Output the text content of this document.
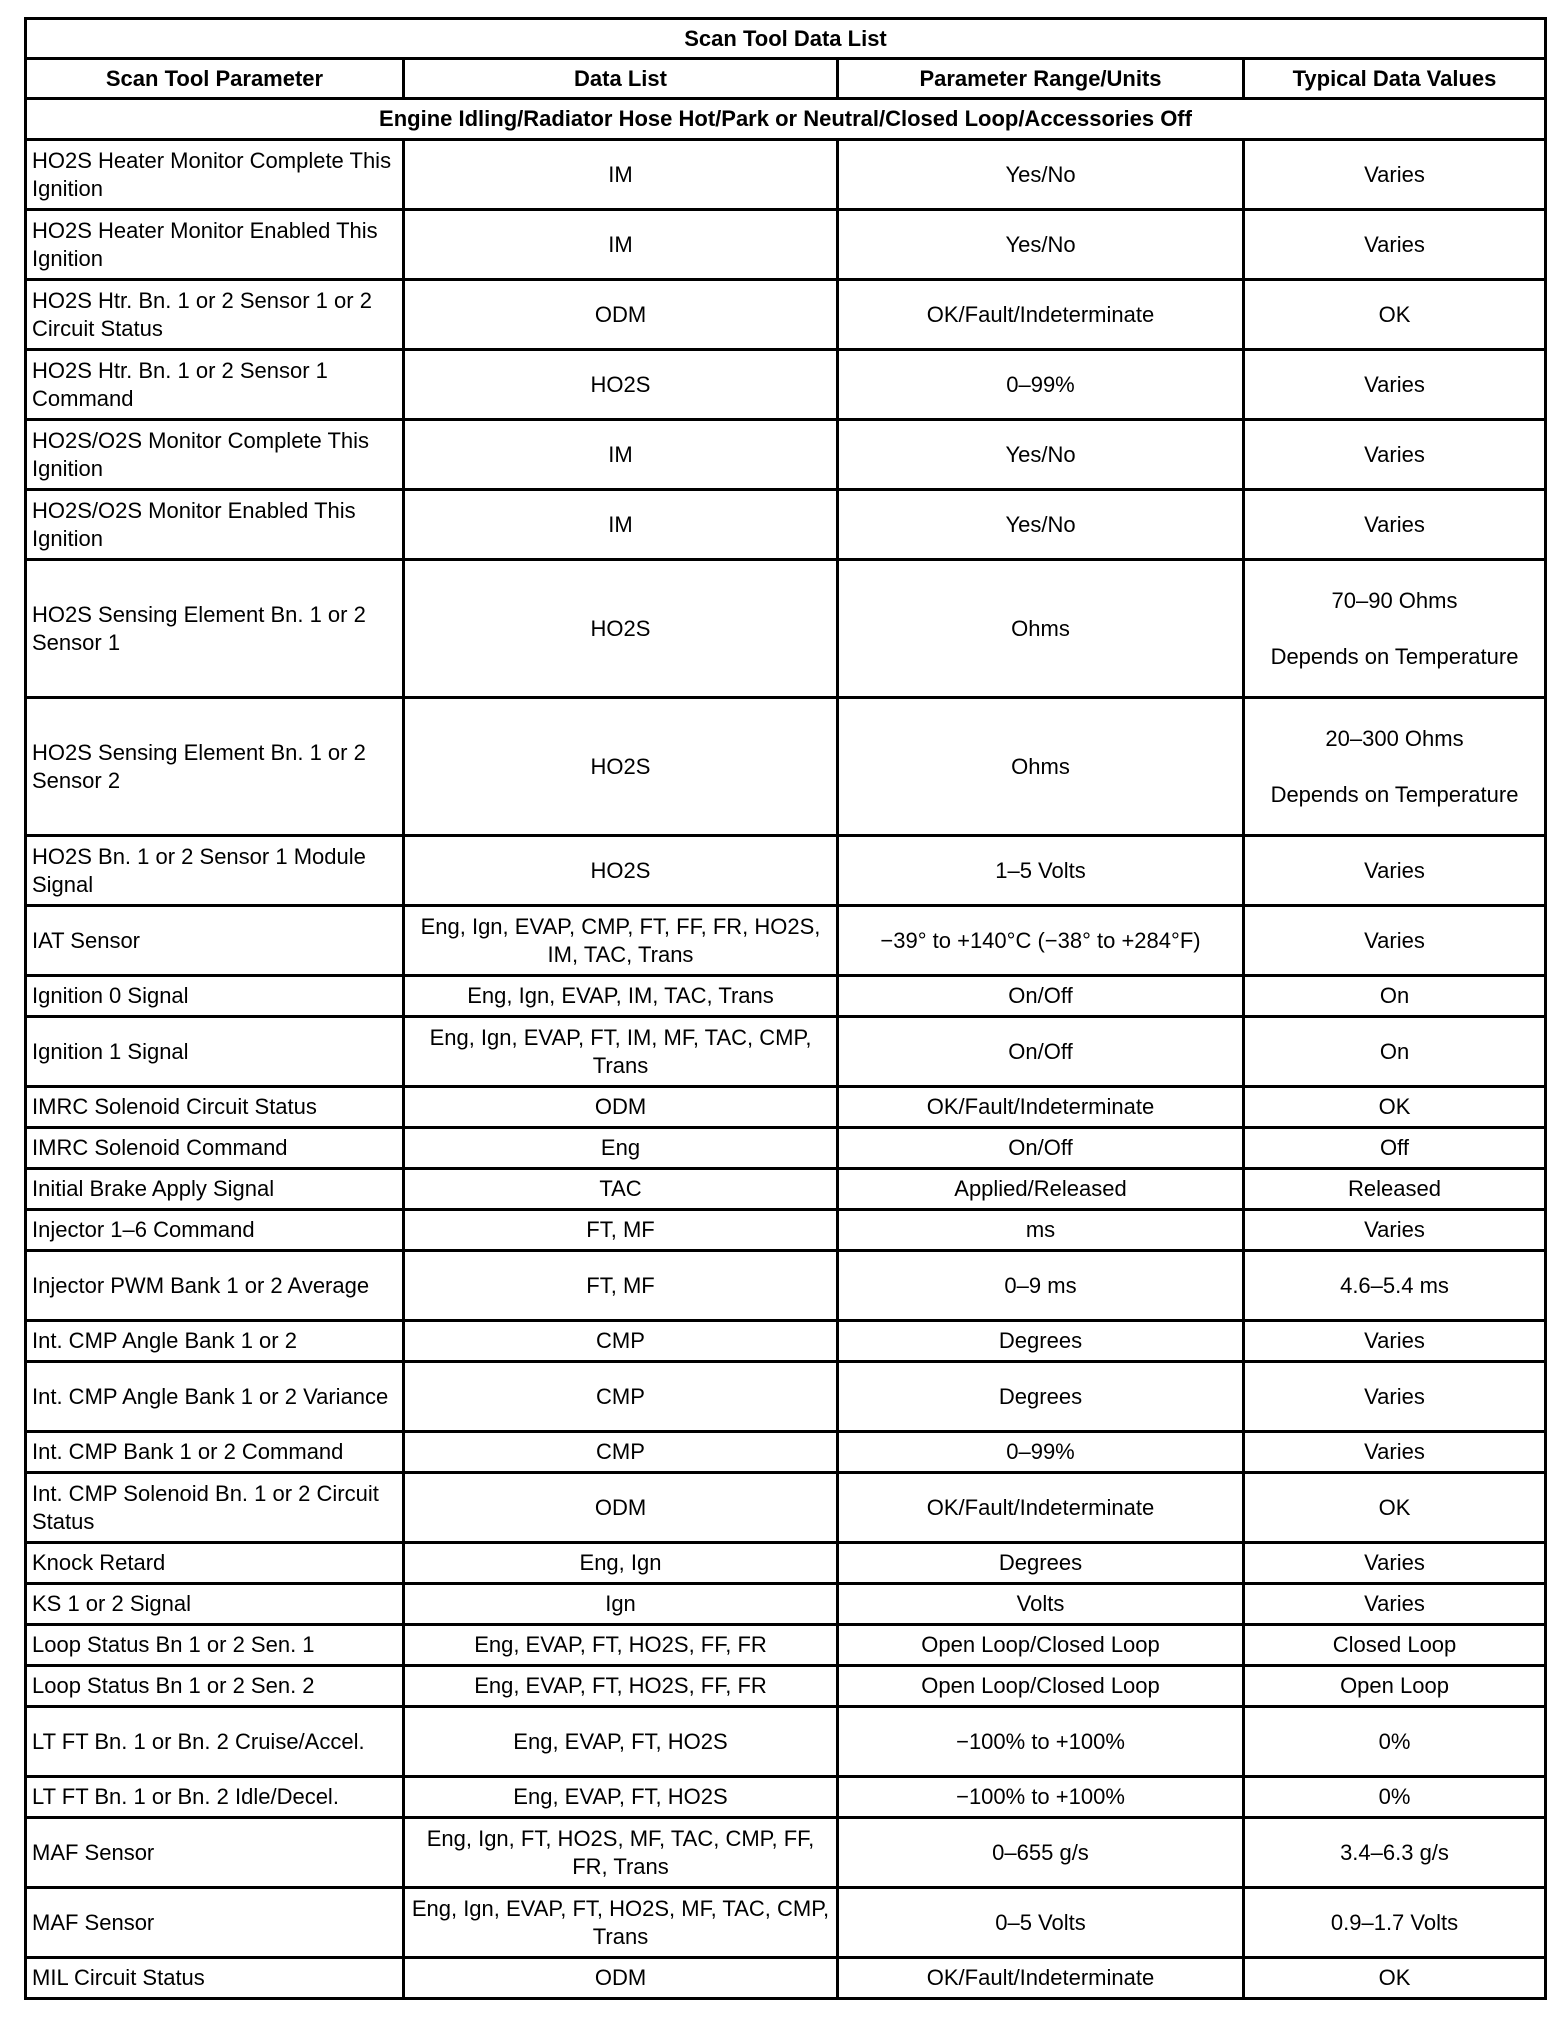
Scan Tool Data List			
Scan Tool Parameter	Data List	Parameter Range/Units	Typical Data Values
Engine Idling/Radiator Hose Hot/Park or Neutral/Closed Loop/Accessories Off			
HO2S Heater Monitor Complete This Ignition	IM	Yes/No	Varies
HO2S Heater Monitor Enabled This Ignition	IM	Yes/No	Varies
HO2S Htr. Bn. 1 or 2 Sensor 1 or 2 Circuit Status	ODM	OK/Fault/Indeterminate	OK
HO2S Htr. Bn. 1 or 2 Sensor 1 Command	HO2S	0–99%	Varies
HO2S/O2S Monitor Complete This Ignition	IM	Yes/No	Varies
HO2S/O2S Monitor Enabled This Ignition	IM	Yes/No	Varies
HO2S Sensing Element Bn. 1 or 2 Sensor 1	HO2S	Ohms	70–90 Ohms
Depends on Temperature

HO2S Sensing Element Bn. 1 or 2 Sensor 2	HO2S	Ohms	20–300 Ohms
Depends on Temperature

HO2S Bn. 1 or 2 Sensor 1 Module Signal	HO2S	1–5 Volts	Varies
IAT Sensor	Eng, Ign, EVAP, CMP, FT, FF, FR, HO2S, IM, TAC, Trans	−39° to +140°C (−38° to +284°F)	Varies
Ignition 0 Signal	Eng, Ign, EVAP, IM, TAC, Trans	On/Off	On
Ignition 1 Signal	Eng, Ign, EVAP, FT, IM, MF, TAC, CMP, Trans	On/Off	On
IMRC Solenoid Circuit Status	ODM	OK/Fault/Indeterminate	OK
IMRC Solenoid Command	Eng	On/Off	Off
Initial Brake Apply Signal	TAC	Applied/Released	Released
Injector 1–6 Command	FT, MF	ms	Varies
Injector PWM Bank 1 or 2 Average	FT, MF	0–9 ms	4.6–5.4 ms
Int. CMP Angle Bank 1 or 2	CMP	Degrees	Varies
Int. CMP Angle Bank 1 or 2 Variance	CMP	Degrees	Varies
Int. CMP Bank 1 or 2 Command	CMP	0–99%	Varies
Int. CMP Solenoid Bn. 1 or 2 Circuit Status	ODM	OK/Fault/Indeterminate	OK
Knock Retard	Eng, Ign	Degrees	Varies
KS 1 or 2 Signal	Ign	Volts	Varies
Loop Status Bn 1 or 2 Sen. 1	Eng, EVAP, FT, HO2S, FF, FR	Open Loop/Closed Loop	Closed Loop
Loop Status Bn 1 or 2 Sen. 2	Eng, EVAP, FT, HO2S, FF, FR	Open Loop/Closed Loop	Open Loop
LT FT Bn. 1 or Bn. 2 Cruise/Accel.	Eng, EVAP, FT, HO2S	−100% to +100%	0%
LT FT Bn. 1 or Bn. 2 Idle/Decel.	Eng, EVAP, FT, HO2S	−100% to +100%	0%
MAF Sensor	Eng, Ign, FT, HO2S, MF, TAC, CMP, FF, FR, Trans	0–655 g/s	3.4–6.3 g/s
MAF Sensor	Eng, Ign, EVAP, FT, HO2S, MF, TAC, CMP, Trans	0–5 Volts	0.9–1.7 Volts
MIL Circuit Status	ODM	OK/Fault/Indeterminate	OK
